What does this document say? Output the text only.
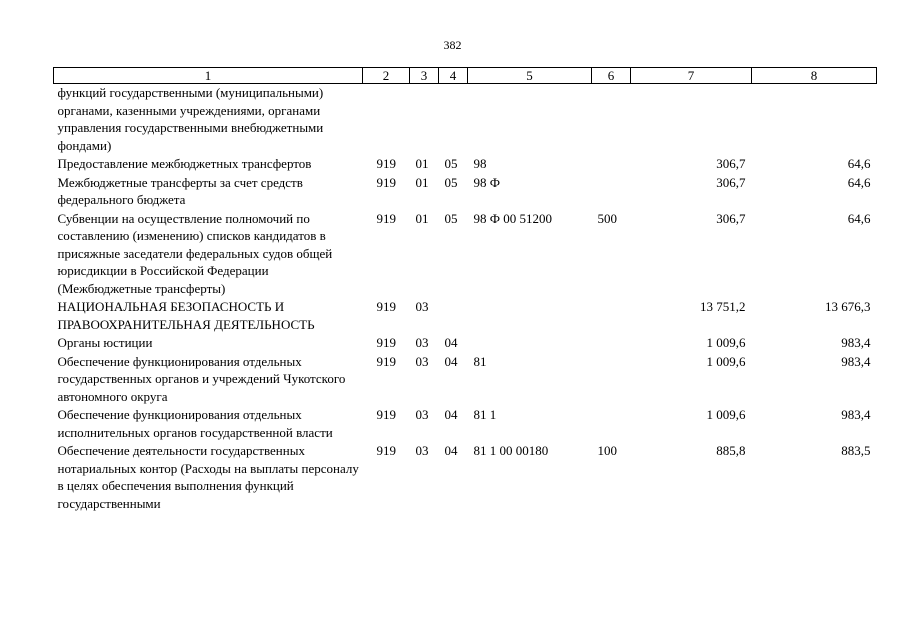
382
1	2	3	4	5	6	7	8
функций государственными (муниципальными) органами, казенными учреждениями, органами управления государственными внебюджетными фондами)							
Предоставление межбюджетных трансфертов	919	01	05	98		306,7	64,6
Межбюджетные трансферты за счет средств федерального бюджета	919	01	05	98 Ф		306,7	64,6
Субвенции на осуществление полномочий по составлению (изменению) списков кандидатов в присяжные заседатели федеральных судов общей юрисдикции в Российской Федерации (Межбюджетные трансферты)	919	01	05	98 Ф 00 51200	500	306,7	64,6
НАЦИОНАЛЬНАЯ БЕЗОПАСНОСТЬ И ПРАВООХРАНИТЕЛЬНАЯ ДЕЯТЕЛЬНОСТЬ	919	03				13 751,2	13 676,3
Органы юстиции	919	03	04			1 009,6	983,4
Обеспечение функционирования отдельных государственных органов и учреждений Чукотского автономного округа	919	03	04	81		1 009,6	983,4
Обеспечение функционирования отдельных исполнительных органов государственной власти	919	03	04	81 1		1 009,6	983,4
Обеспечение деятельности государственных нотариальных контор (Расходы на выплаты персоналу в целях обеспечения выполнения функций государственными	919	03	04	81 1 00 00180	100	885,8	883,5
